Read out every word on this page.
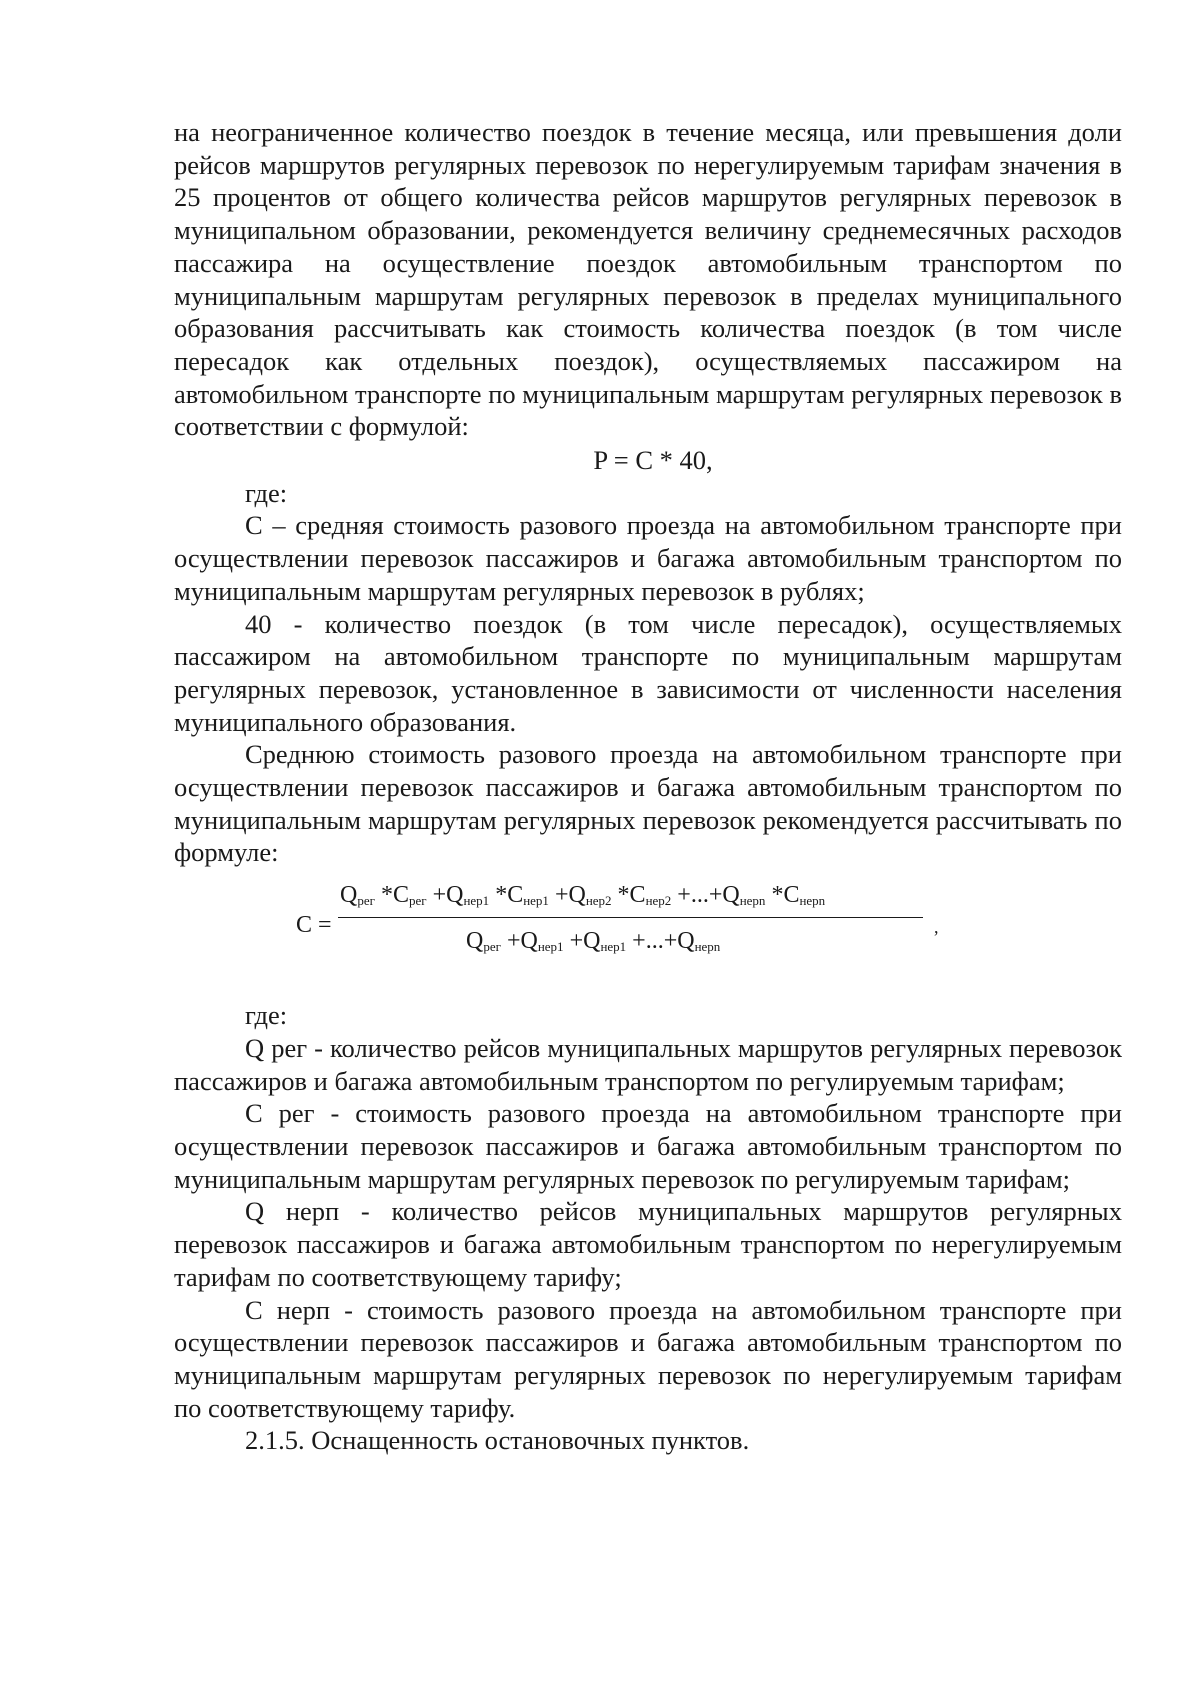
на неограниченное количество поездок в течение месяца, или превышения доли рейсов маршрутов регулярных перевозок по нерегулируемым тарифам значения в 25 процентов от общего количества рейсов маршрутов регулярных перевозок в муниципальном образовании, рекомендуется величину среднемесячных расходов пассажира на осуществление поездок автомобильным транспортом по муниципальным маршрутам регулярных перевозок в пределах муниципального образования рассчитывать как стоимость количества поездок (в том числе пересадок как отдельных поездок), осуществляемых пассажиром на автомобильном транспорте по муниципальным маршрутам регулярных перевозок в соответствии с формулой:

P = C * 40,

где:

C – средняя стоимость разового проезда на автомобильном транспорте при осуществлении перевозок пассажиров и багажа автомобильным транспортом по муниципальным маршрутам регулярных перевозок в рублях;

40 - количество поездок (в том числе пересадок), осуществляемых пассажиром на автомобильном транспорте по муниципальным маршрутам регулярных перевозок, установленное в зависимости от численности населения муниципального образования.

Среднюю стоимость разового проезда на автомобильном транспорте при осуществлении перевозок пассажиров и багажа автомобильным транспортом по муниципальным маршрутам регулярных перевозок рекомендуется рассчитывать по формуле:

C =
$Q_{рег}$ $*C_{рег} +Q_{нер1}$ $*C_{нер1} +Q_{нер2}$ $*C_{нер2} +...+Q_{нерn}$ $*C_{нерn}$
$Q_{рег} +Q_{нер1} +Q_{нер1} +...+Q_{нерn}$
,

где:

Q рег - количество рейсов муниципальных маршрутов регулярных перевозок пассажиров и багажа автомобильным транспортом по регулируемым тарифам;

C рег - стоимость разового проезда на автомобильном транспорте при осуществлении перевозок пассажиров и багажа автомобильным транспортом по муниципальным маршрутам регулярных перевозок по регулируемым тарифам;

Q нерп - количество рейсов муниципальных маршрутов регулярных перевозок пассажиров и багажа автомобильным транспортом по нерегулируемым тарифам по соответствующему тарифу;

C нерп - стоимость разового проезда на автомобильном транспорте при осуществлении перевозок пассажиров и багажа автомобильным транспортом по муниципальным маршрутам регулярных перевозок по нерегулируемым тарифам по соответствующему тарифу.

2.1.5. Оснащенность остановочных пунктов.
